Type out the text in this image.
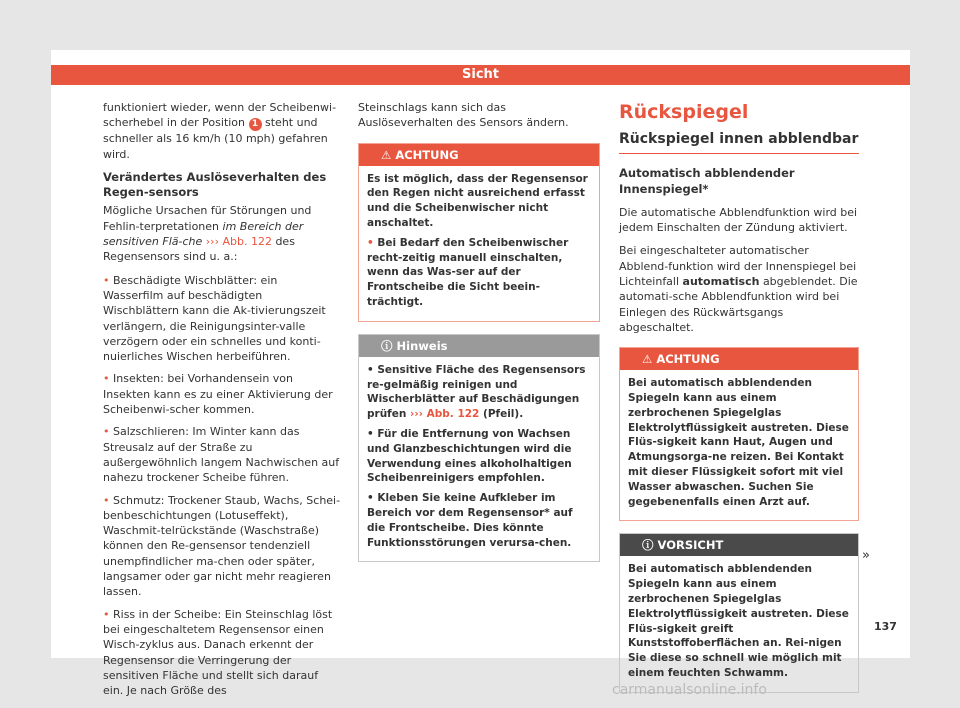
Sicht

funktioniert wieder, wenn der Scheibenwi-scherhebel in der Position 1 steht und schneller als 16 km/h (10 mph) gefahren wird.

Verändertes Auslöseverhalten des Regen-sensors

Mögliche Ursachen für Störungen und Fehlin-terpretationen im Bereich der sensitiven Flä-che ››› Abb. 122 des Regensensors sind u. a.:

• Beschädigte Wischblätter: ein Wasserfilm auf beschädigten Wischblättern kann die Ak-tivierungszeit verlängern, die Reinigungsinter-valle verzögern oder ein schnelles und konti-nuierliches Wischen herbeiführen.
• Insekten: bei Vorhandensein von Insekten kann es zu einer Aktivierung der Scheibenwi-scher kommen.
• Salzschlieren: Im Winter kann das Streusalz auf der Straße zu außergewöhnlich langem Nachwischen auf nahezu trockener Scheibe führen.
• Schmutz: Trockener Staub, Wachs, Schei-benbeschichtungen (Lotuseffekt), Waschmit-telrückstände (Waschstraße) können den Re-gensensor tendenziell unempfindlicher ma-chen oder später, langsamer oder gar nicht mehr reagieren lassen.
• Riss in der Scheibe: Ein Steinschlag löst bei eingeschaltetem Regensensor einen Wisch-zyklus aus. Danach erkennt der Regensensor die Verringerung der sensitiven Fläche und stellt sich darauf ein. Je nach Größe des

Steinschlags kann sich das Auslöseverhalten des Sensors ändern.

⚠ ACHTUNG

Es ist möglich, dass der Regensensor den Regen nicht ausreichend erfasst und die Scheibenwischer nicht anschaltet.

• Bei Bedarf den Scheibenwischer recht-zeitig manuell einschalten, wenn das Was-ser auf der Frontscheibe die Sicht beein-trächtigt.

ⓘ Hinweis

• Sensitive Fläche des Regensensors re-gelmäßig reinigen und Wischerblätter auf Beschädigungen prüfen ››› Abb. 122 (Pfeil).

• Für die Entfernung von Wachsen und Glanzbeschichtungen wird die Verwendung eines alkoholhaltigen Scheibenreinigers empfohlen.

• Kleben Sie keine Aufkleber im Bereich vor dem Regensensor* auf die Frontscheibe. Dies könnte Funktionsstörungen verursa-chen.

Rückspiegel
Rückspiegel innen abblendbar

Automatisch abblendender Innenspiegel*

Die automatische Abblendfunktion wird bei jedem Einschalten der Zündung aktiviert.

Bei eingeschalteter automatischer Abblend-funktion wird der Innenspiegel bei Lichteinfall automatisch abgeblendet. Die automati-sche Abblendfunktion wird bei Einlegen des Rückwärtsgangs abgeschaltet.

⚠ ACHTUNG

Bei automatisch abblendenden Spiegeln kann aus einem zerbrochenen Spiegelglas Elektrolytflüssigkeit austreten. Diese Flüs-sigkeit kann Haut, Augen und Atmungsorga-ne reizen. Bei Kontakt mit dieser Flüssigkeit sofort mit viel Wasser abwaschen. Suchen Sie gegebenenfalls einen Arzt auf.

ⓘ VORSICHT

Bei automatisch abblendenden Spiegeln kann aus einem zerbrochenen Spiegelglas Elektrolytflüssigkeit austreten. Diese Flüs-sigkeit greift Kunststoffoberflächen an. Rei-nigen Sie diese so schnell wie möglich mit einem feuchten Schwamm.

»
137
carmanualsonline.info
